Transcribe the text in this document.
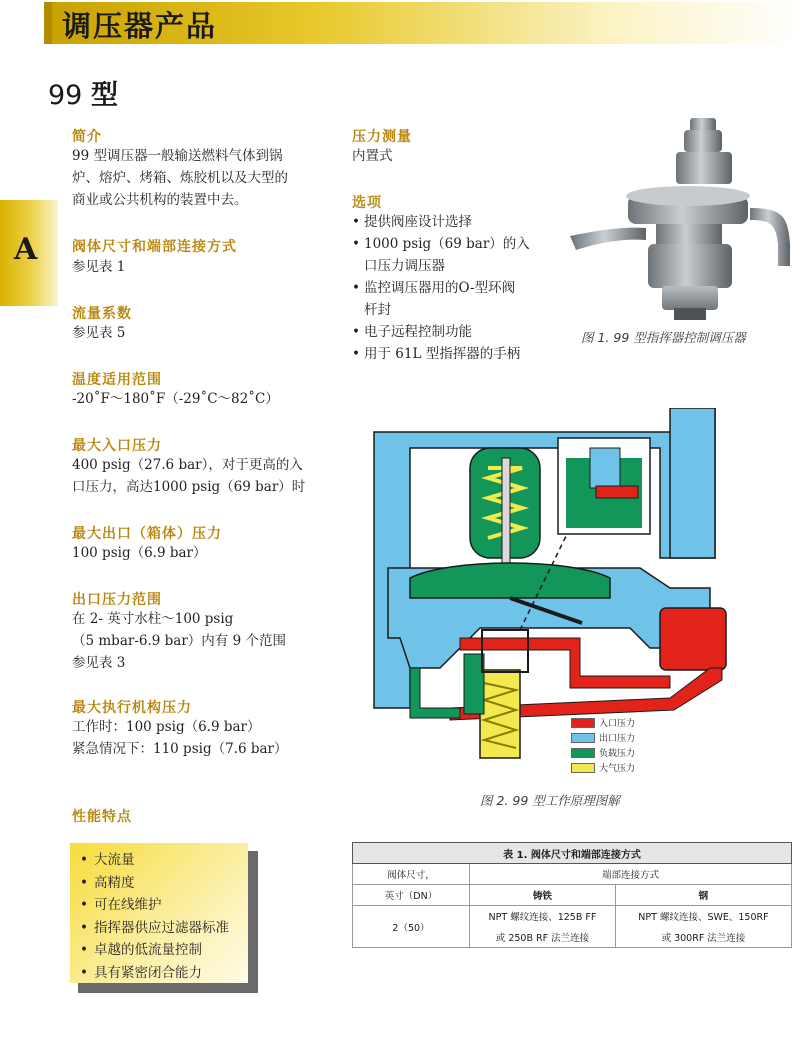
调压器产品
99 型
A
简介
99 型调压器一般输送燃料气体到锅
炉、熔炉、烤箱、炼胶机以及大型的
商业或公共机构的装置中去。
阀体尺寸和端部连接方式
参见表 1
流量系数
参见表 5
温度适用范围
-20˚F～180˚F（-29˚C～82˚C）
最大入口压力
400 psig（27.6 bar），对于更高的入
口压力，高达1000 psig（69 bar）时
最大出口（箱体）压力
100 psig（6.9 bar）
出口压力范围
在 2- 英寸水柱～100 psig
（5 mbar-6.9 bar）内有 9 个范围
参见表 3
最大执行机构压力
工作时：100 psig（6.9 bar）
紧急情况下：110 psig（7.6 bar）
压力测量
内置式
选项
• 提供阀座设计选择
• 1000 psig（69 bar）的入
口压力调压器
• 监控调压器用的O-型环阀
杆封
• 电子远程控制功能
• 用于 61L 型指挥器的手柄
图 1. 99 型指挥器控制调压器
入口压力
出口压力
负载压力
大气压力
图 2. 99 型工作原理图解
性能特点
• 大流量
• 高精度
• 可在线维护
• 指挥器供应过滤器标准
• 卓越的低流量控制
• 具有紧密闭合能力
表 1. 阀体尺寸和端部连接方式		
阀体尺寸，	端部连接方式	
英寸（DN）	铸铁	钢
2（50）	NPT 螺纹连接、125B FF	NPT 螺纹连接、SWE、150RF
	或 250B RF 法兰连接	或 300RF 法兰连接
